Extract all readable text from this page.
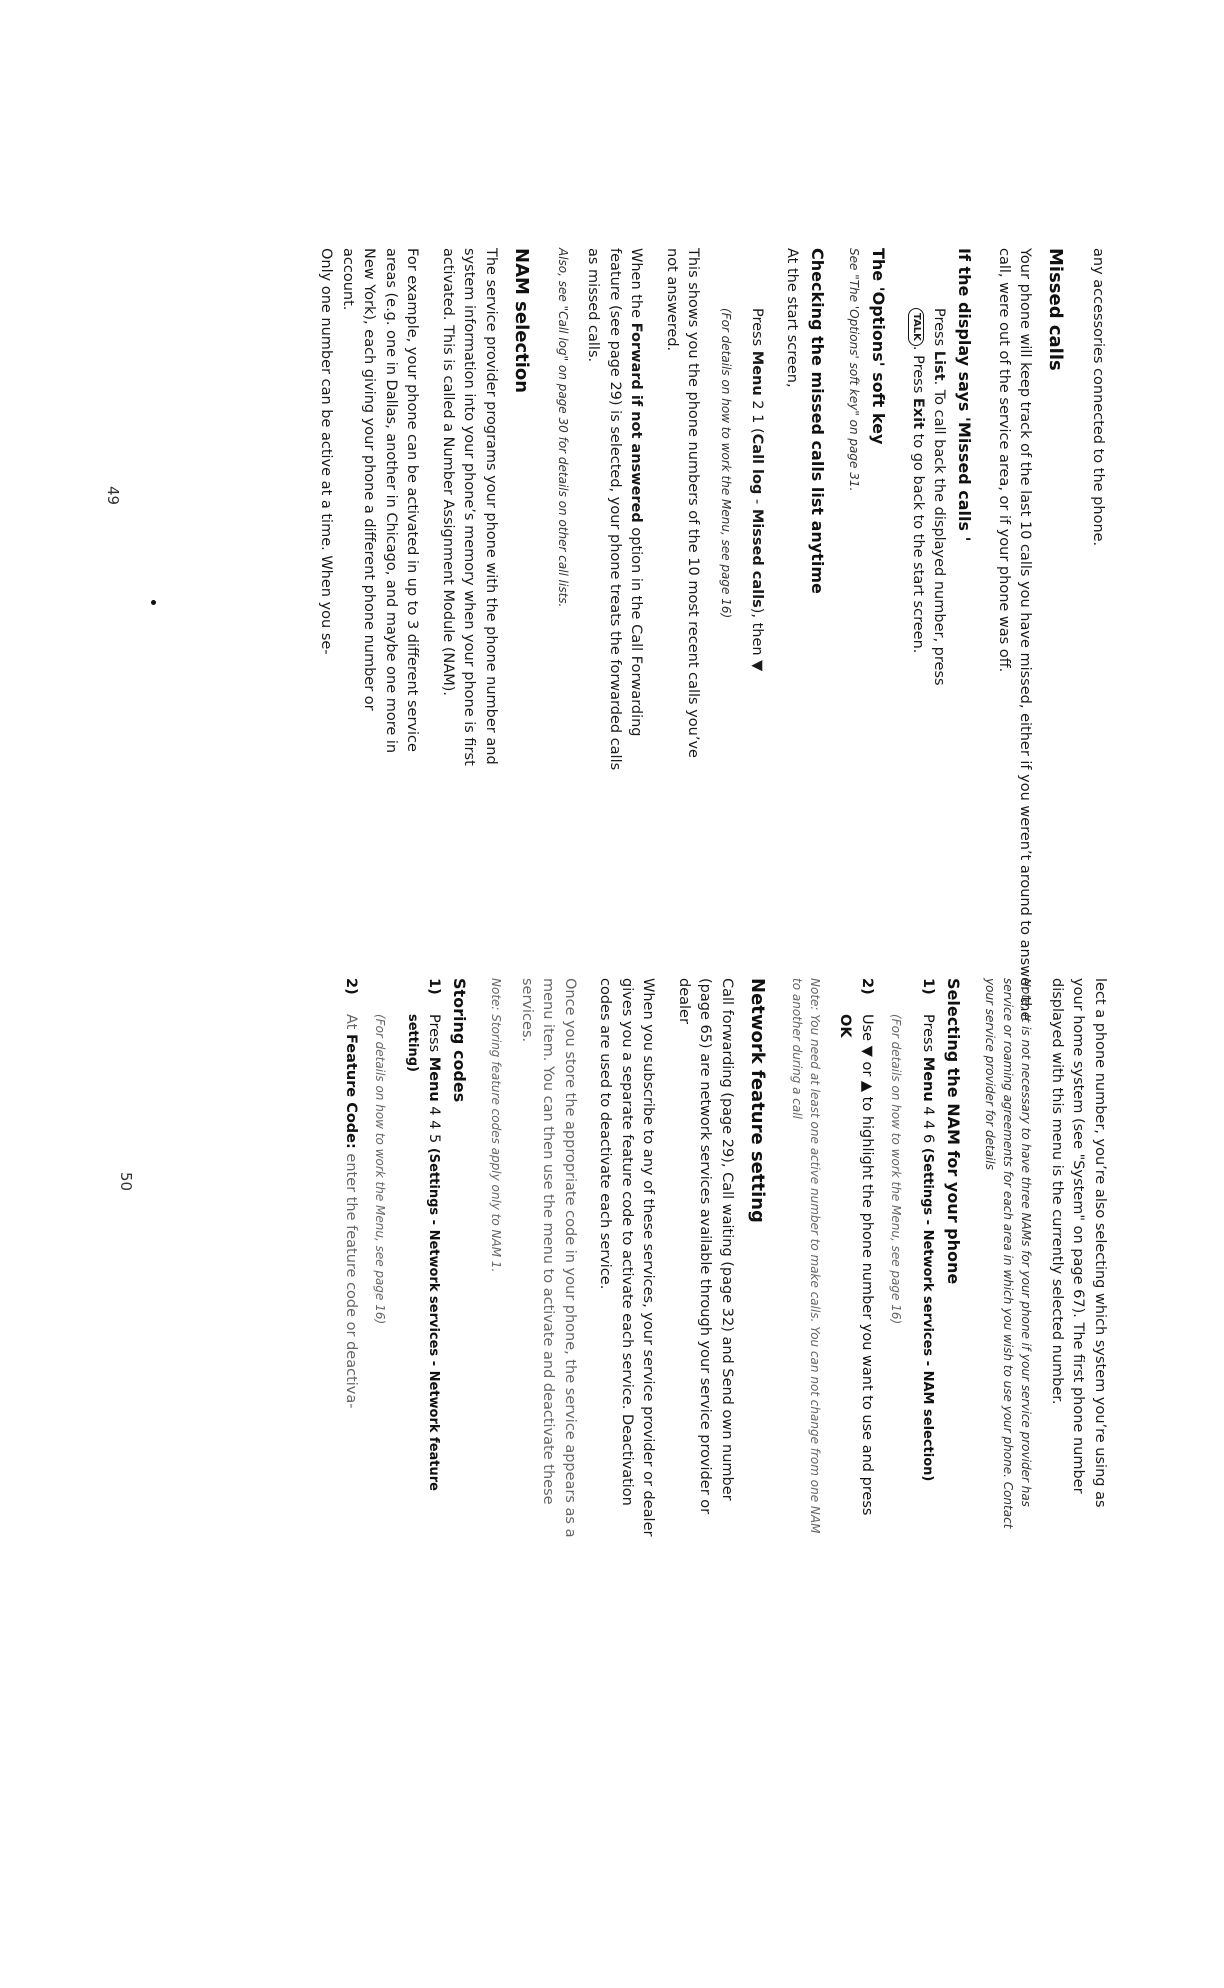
any accessories connected to the phone.

Missed calls

Your phone will keep track of the last 10 calls you have missed, either if you weren’t around to answer the call, were out of the service area, or if your phone was off.

If the display says 'Missed calls '

Press List. To call back the displayed number, press
TALK. Press Exit to go back to the start screen.

The 'Options' soft key

See "The 'Options' soft key" on page 31.

Checking the missed calls list anytime

At the start screen,

Press Menu 2 1 (Call log - Missed calls), then ▼

(For details on how to work the Menu, see page 16)

This shows you the phone numbers of the 10 most recent calls you’ve not answered.

When the Forward if not answered option in the Call Forwarding feature (see page 29) is selected, your phone treats the forwarded calls as missed calls.

Also, see "Call log" on page 30 for details on other call lists.

NAM selection

The service provider programs your phone with the phone number and system information into your phone’s memory when your phone is first activated. This is called a Number Assignment Module (NAM).

For example, your phone can be activated in up to 3 different service areas (e.g. one in Dallas, another in Chicago, and maybe one more in New York), each giving your phone a different phone number or account.

Only one number can be active at a time. When you se-

49

lect a phone number, you’re also selecting which system you’re using as your home system (see "System" on page 67). The first phone number displayed with this menu is the currently selected number.

Note, It is not necessary to have three NAMs for your phone if your service provider has service or roaming agreements for each area in which you wish to use your phone. Contact your service provider for details

Selecting the NAM for your phone
1)
Press Menu 4 4 6 (Settings - Network services - NAM selection)

(For details on how to work the Menu, see page 16)

2)
Use ▼ or ▲ to highlight the phone number you want to use and press OK

Note: You need at least one active number to make calls. You can not change from one NAM to another during a call

Network feature setting

Call forwarding (page 29), Call waiting (page 32) and Send own number (page 65) are network services available through your service provider or dealer

When you subscribe to any of these services, your service provider or dealer gives you a separate feature code to activate each service. Deactivation codes are used to deactivate each service.

Once you store the appropriate code in your phone, the service appears as a menu item. You can then use the menu to activate and deactivate these services.

Note: Storing feature codes apply only to NAM 1.

Storing codes
1)
Press Menu 4 4 5 (Settings - Network services - Network feature setting)

(For details on how to work the Menu, see page 16)

2)
At Feature Code: enter the feature code or deactiva-
50
